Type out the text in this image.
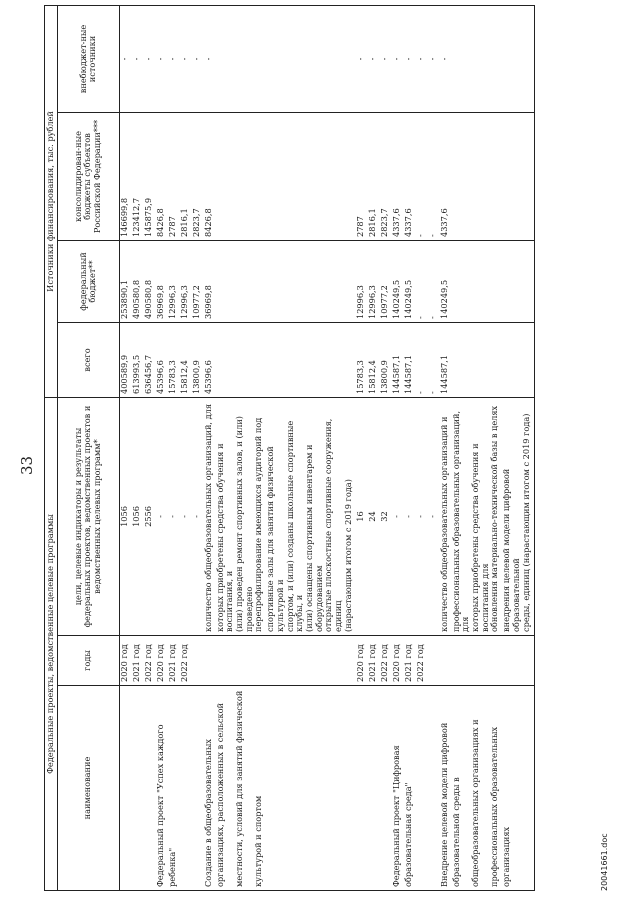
33
Федеральные проекты, ведомственные целевые программы			Источники финансирования, тыс. рублей			
наименование	годы	цели, целевые индикаторы и результаты федеральных проектов, ведомственных проектов и ведомственных целевых программ*	всего	федеральный бюджет**	консолидирован-ные бюджеты субъектов Российской Федерации***	внебюджет-ные источники
	2020 год	1056	400589,9	253890,1	146699,8	-
	2021 год	1056	613993,5	490580,8	123412,7	-
	2022 год	2556	636456,7	490580,8	145875,9	-
Федеральный проект "Успех каждого	2020 год	-	45396,6	36969,8	8426,8	-
ребенка"	2021 год	-	15783,3	12996,3	2787	-
	2022 год	-	15812,4	12996,3	2816,1	-
		-	13800,9	10977,2	2823,7	-
Создание в общеобразовательных		количество общеобразовательных организаций, для	45396,6	36969,8	8426,8	-
организациях, расположенных в сельской		которых приобретены средства обучения и воспитания, и				
местности, условий для занятий физической		(или) проведен ремонт спортивных залов, и (или) проведено				
культурой и спортом		перепрофилирование имеющихся аудиторий под				
		спортивные залы для занятия физической культурой и				
		спортом, и (или) созданы школьные спортивные клубы, и				
		(или) оснащены спортивным инвентарем и оборудованием				
		открытые плоскостные спортивные сооружения, единиц				
		(нарастающим итогом с 2019 года)				
	2020 год	16	15783,3	12996,3	2787	-
	2021 год	24	15812,4	12996,3	2816,1	-
	2022 год	32	13800,9	10977,2	2823,7	-
Федеральный проект "Цифровая	2020 год	-	144587,1	140249,5	4337,6	-
образовательная среда"	2021 год	-	144587,1	140249,5	4337,6	-
	2022 год	-	-	-	-	-
		-	-	-	-	-
Внедрение целевой модели цифровой		количество общеобразовательных организаций и	144587,1	140249,5	4337,6	-
образовательной среды в		профессиональных образовательных организаций, для				
общеобразовательных организациях и		которых приобретены средства обучения и воспитания для				
профессиональных образовательных		обновления материально-технической базы в целях				
организациях		внедрения целевой модели цифровой образовательной				
		среды, единиц (нарастающим итогом с 2019 года)				
20041661.doc
